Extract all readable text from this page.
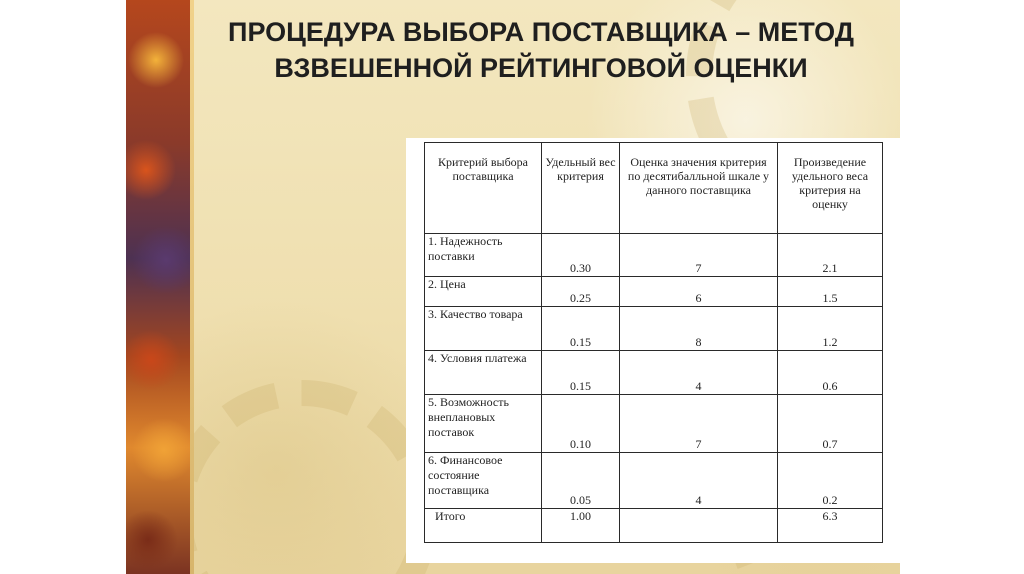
ПРОЦЕДУРА ВЫБОРА ПОСТАВЩИКА – МЕТОД ВЗВЕШЕННОЙ РЕЙТИНГОВОЙ ОЦЕНКИ
Критерий выбора поставщика	Удельный вес критерия	Оценка значения критерия по десятибалльной шкале у данного поставщика	Произведение удельного веса критерия на оценку
1. Надежность поставки	0.30	7	2.1
2. Цена	0.25	6	1.5
3. Качество товара	0.15	8	1.2
4. Условия платежа	0.15	4	0.6
5. Возможность внеплановых поставок	0.10	7	0.7
6. Финансовое состояние поставщика	0.05	4	0.2
Итого	1.00		6.3
